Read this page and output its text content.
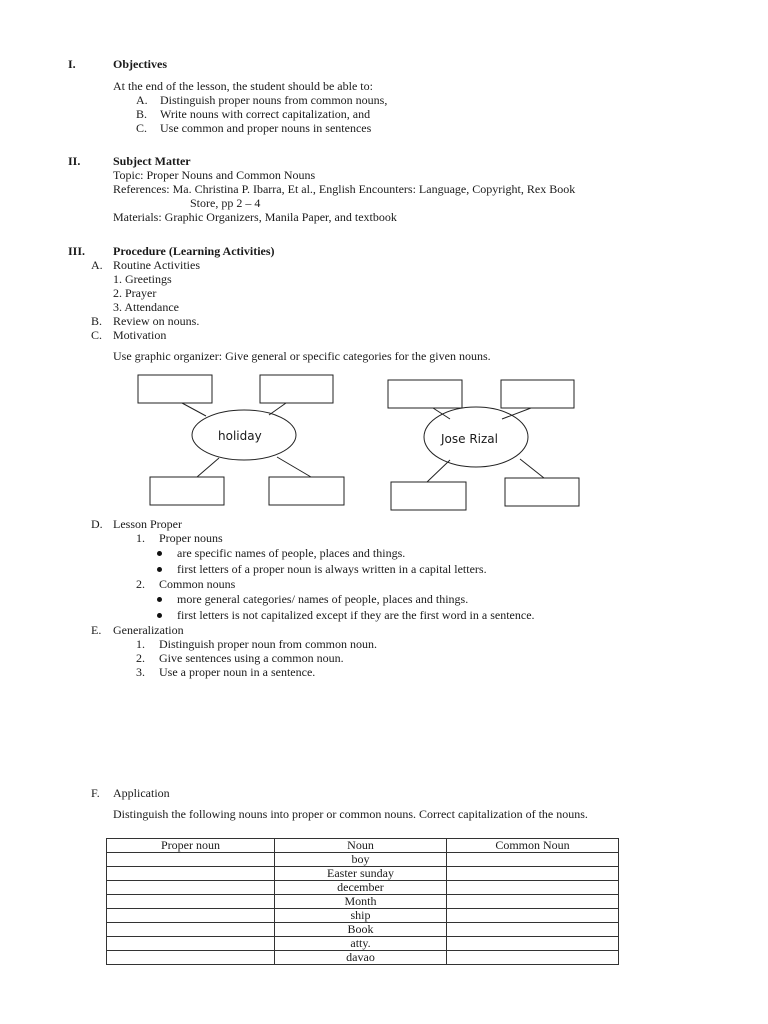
I.	Objectives
At the end of the lesson, the student should be able to:
A. Distinguish proper nouns from common nouns,
B. Write nouns with correct capitalization, and
C. Use common and proper nouns in sentences
II.	Subject Matter
Topic: Proper Nouns and Common Nouns
References: Ma. Christina P. Ibarra, Et al., English Encounters: Language, Copyright, Rex Book
Store, pp 2 – 4
Materials: Graphic Organizers, Manila Paper, and textbook
III. Procedure (Learning Activities)
A. Routine Activities
1. Greetings
2. Prayer
3. Attendance
B. Review on nouns.
C. Motivation
Use graphic organizer: Give general or specific categories for the given nouns.
holiday	Jose Rizal
D. Lesson Proper
1. Proper nouns
are specific names of people, places and things.
first letters of a proper noun is always written in a capital letters.
2. Common nouns
more general categories/ names of people, places and things.
first letters is not capitalized except if they are the first word in a sentence.
E. Generalization
1. Distinguish proper noun from common noun.
2. Give sentences using a common noun.
3. Use a proper noun in a sentence.
F. Application
Distinguish the following nouns into proper or common nouns. Correct capitalization of the nouns.
Proper noun	Noun	Common Noun
	boy	
	Easter sunday	
	december	
	Month	
	ship	
	Book	
	atty.	
	davao	
